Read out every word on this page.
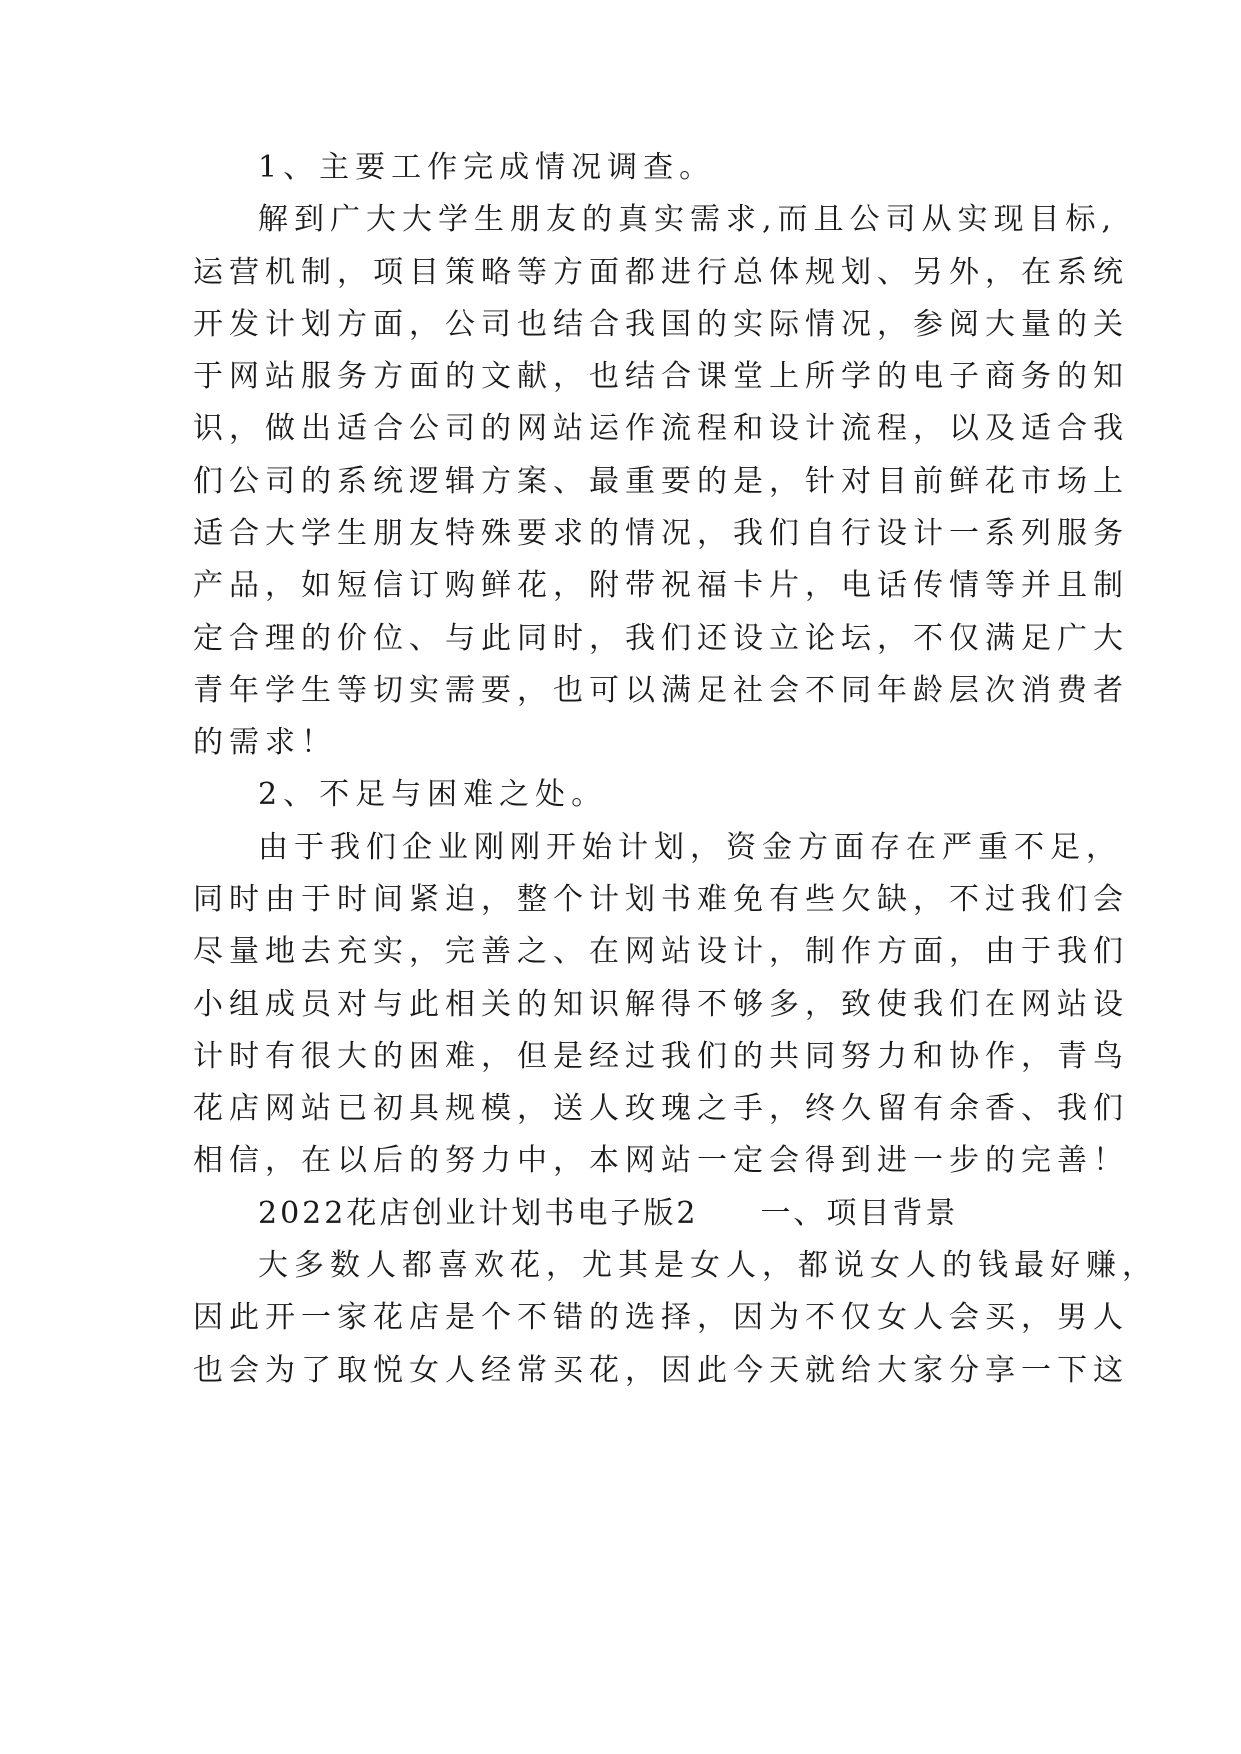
1、主要工作完成情况调查。
解到广大大学生朋友的真实需求,而且公司从实现目标,
运营机制，项目策略等方面都进行总体规划、另外，在系统
开发计划方面，公司也结合我国的实际情况，参阅大量的关
于网站服务方面的文献，也结合课堂上所学的电子商务的知
识，做出适合公司的网站运作流程和设计流程，以及适合我
们公司的系统逻辑方案、最重要的是，针对目前鲜花市场上
适合大学生朋友特殊要求的情况，我们自行设计一系列服务
产品，如短信订购鲜花，附带祝福卡片，电话传情等并且制
定合理的价位、与此同时，我们还设立论坛，不仅满足广大
青年学生等切实需要，也可以满足社会不同年龄层次消费者
的需求！
2、不足与困难之处。
由于我们企业刚刚开始计划，资金方面存在严重不足，
同时由于时间紧迫，整个计划书难免有些欠缺，不过我们会
尽量地去充实，完善之、在网站设计，制作方面，由于我们
小组成员对与此相关的知识解得不够多，致使我们在网站设
计时有很大的困难，但是经过我们的共同努力和协作，青鸟
花店网站已初具规模，送人玫瑰之手，终久留有余香、我们
相信，在以后的努力中，本网站一定会得到进一步的完善！
2022花店创业计划书电子版2 一、项目背景
大多数人都喜欢花，尤其是女人，都说女人的钱最好赚，
因此开一家花店是个不错的选择，因为不仅女人会买，男人
也会为了取悦女人经常买花，因此今天就给大家分享一下这
